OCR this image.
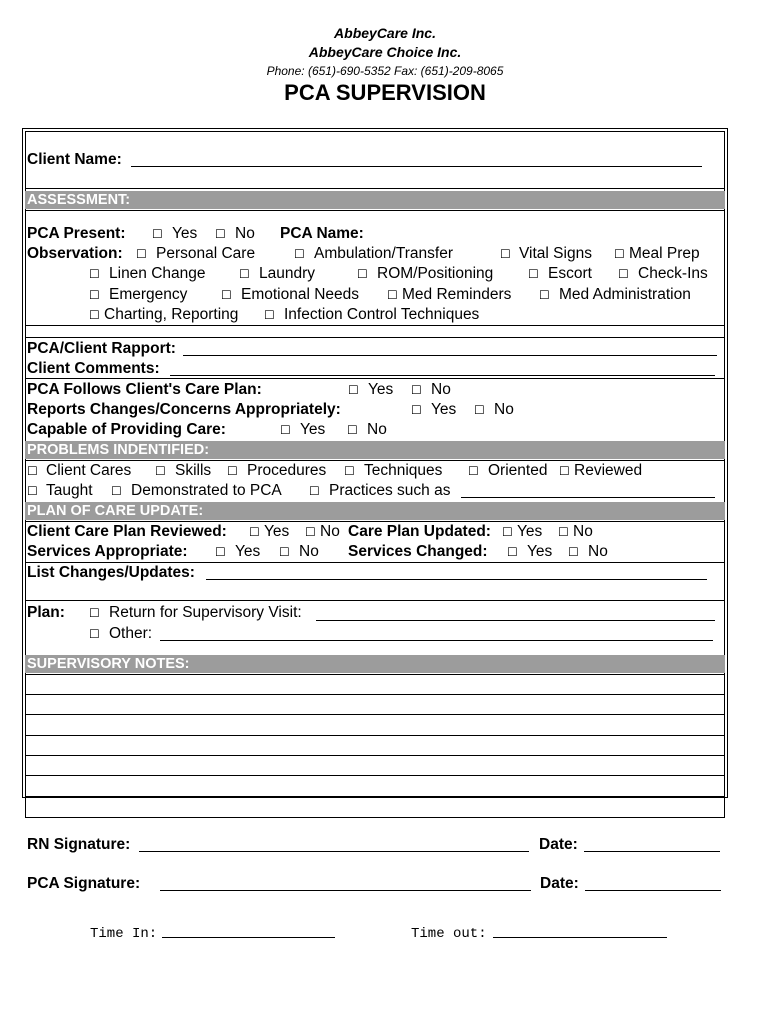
AbbeyCare Inc.
AbbeyCare Choice Inc.
Phone: (651)-690-5352 Fax: (651)-209-8065
PCA SUPERVISION
Client Name:
ASSESSMENT:
PCA Present: ☐ Yes ☐ No PCA Name:
Observation: ☐ Personal Care	☐ Ambulation/Transfer	☐ Vital Signs ☐ Meal Prep
☐ Linen Change	☐ Laundry	☐ ROM/Positioning	☐ Escort ☐ Check-Ins
☐ Emergency	☐ Emotional Needs ☐ Med Reminders ☐ Med Administration
☐ Charting, Reporting ☐ Infection Control Techniques
PCA/Client Rapport:
Client Comments:
PCA Follows Client's Care Plan:	☐ Yes ☐ No
Reports Changes/Concerns Appropriately:	☐ Yes ☐ No
Capable of Providing Care:	☐ Yes ☐ No
PROBLEMS INDENTIFIED:
☐ Client Cares ☐ Skills ☐ Procedures ☐ Techniques ☐ Oriented ☐ Reviewed
☐ Taught ☐ Demonstrated to PCA ☐ Practices such as
PLAN OF CARE UPDATE:
Client Care Plan Reviewed: ☐ Yes ☐ No Care Plan Updated: ☐ Yes ☐ No
Services Appropriate: ☐ Yes ☐ No Services Changed: ☐ Yes ☐ No
List Changes/Updates:
Plan: ☐ Return for Supervisory Visit:
☐ Other:
SUPERVISORY NOTES:
RN Signature:	Date:
PCA Signature:	Date:
Time In:	Time out:
